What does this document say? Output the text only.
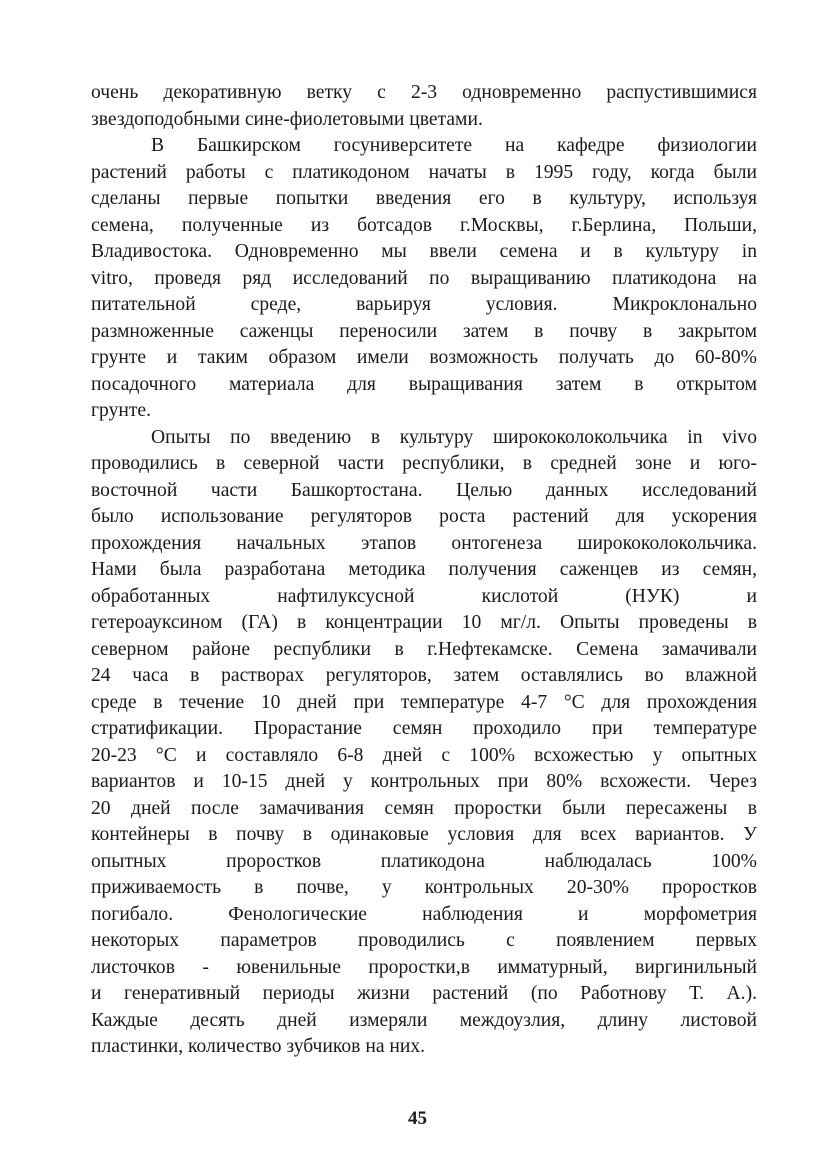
очень декоративную ветку с 2-3 одновременно распустившимися
звездоподобными сине-фиолетовыми цветами.

В Башкирском госуниверситете на кафедре физиологии
растений работы с платикодоном начаты в 1995 году, когда были
сделаны первые попытки введения его в культуру, используя
семена, полученные из ботсадов г.Москвы, г.Берлина, Польши,
Владивостока. Одновременно мы ввели семена и в культуру in
vitro, проведя ряд исследований по выращиванию платикодона на
питательной среде, варьируя условия. Микроклонально
размноженные саженцы переносили затем в почву в закрытом
грунте и таким образом имели возможность получать до 60-80%
посадочного материала для выращивания затем в открытом
грунте.

Опыты по введению в культуру ширококолокольчика in vivo
проводились в северной части республики, в средней зоне и юго-
восточной части Башкортостана. Целью данных исследований
было использование регуляторов роста растений для ускорения
прохождения начальных этапов онтогенеза ширококолокольчика.
Нами была разработана методика получения саженцев из семян,
обработанных нафтилуксусной кислотой (НУК) и
гетероауксином (ГА) в концентрации 10 мг/л. Опыты проведены в
северном районе республики в г.Нефтекамске. Семена замачивали
24 часа в растворах регуляторов, затем оставлялись во влажной
среде в течение 10 дней при температуре 4-7 °С для прохождения
стратификации. Прорастание семян проходило при температуре
20-23 °С и составляло 6-8 дней с 100% всхожестью у опытных
вариантов и 10-15 дней у контрольных при 80% всхожести. Через
20 дней после замачивания семян проростки были пересажены в
контейнеры в почву в одинаковые условия для всех вариантов. У
опытных проростков платикодона наблюдалась 100%
приживаемость в почве, у контрольных 20-30% проростков
погибало. Фенологические наблюдения и морфометрия
некоторых параметров проводились с появлением первых
листочков - ювенильные проростки,в имматурный, виргинильный
и генеративный периоды жизни растений (по Работнову Т. А.).
Каждые десять дней измеряли междоузлия, длину листовой
пластинки, количество зубчиков на них.

45
